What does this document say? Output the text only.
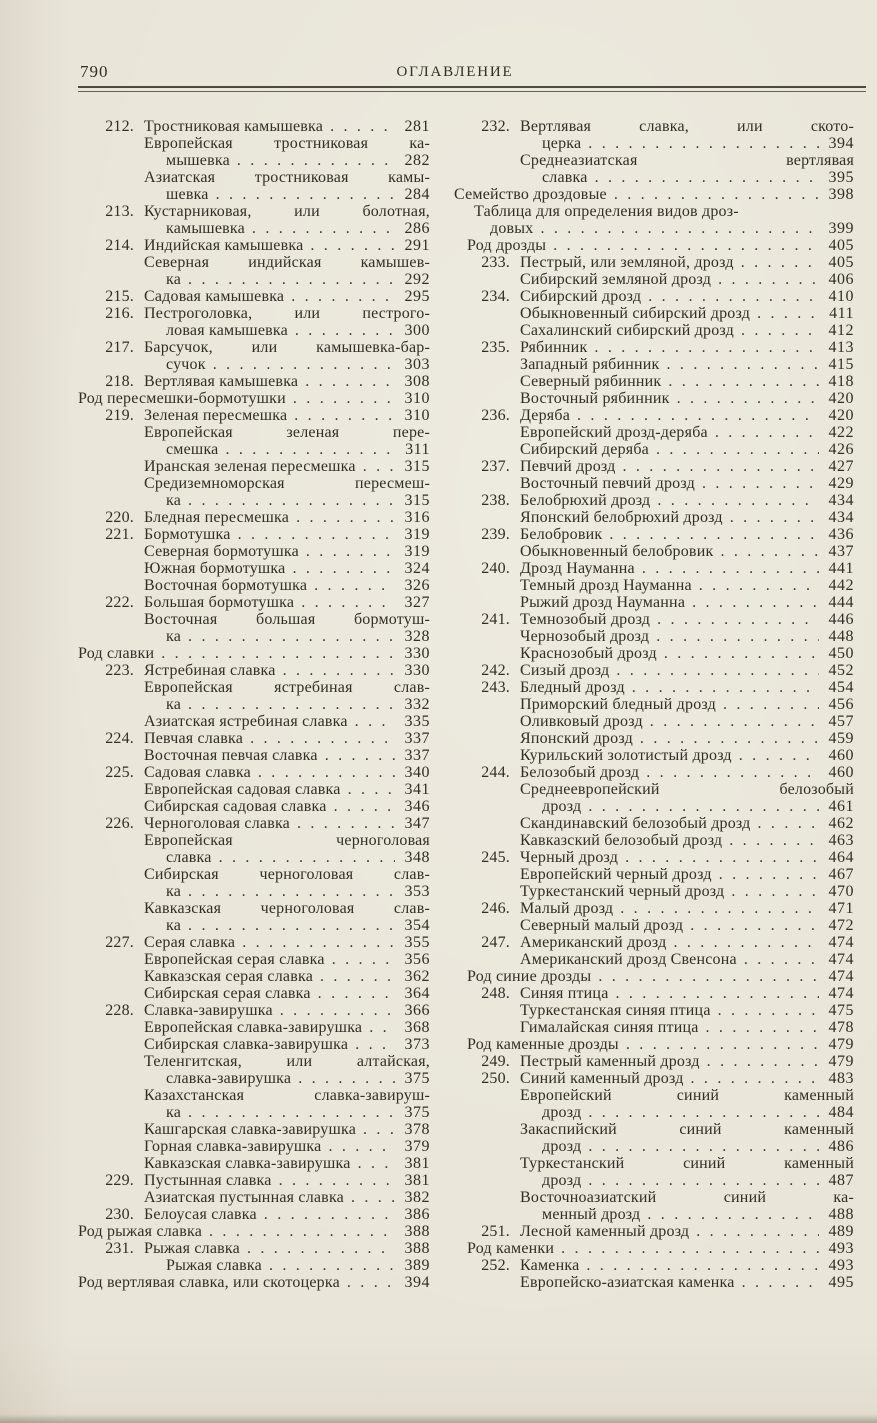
790	ОГЛАВЛЕНИЕ
212. Тростниковая камышевка . . .	281
Европейская тростниковая ка-
мышевка . . .	282
Азиатская тростниковая камы-
шевка . . .	284
213. Кустарниковая, или болотная,
камышевка . . .	286
214. Индийская камышевка . . .	291
Северная индийская камышев-
ка . . .	292
215. Садовая камышевка . . .	295
216. Пестроголовка, или пестрого-
ловая камышевка . . .	300
217. Барсучок, или камышевка-бар-
сучок . . .	303
218. Вертлявая камышевка . . .	308
Род пересмешки-бормотушки . . .	310
219. Зеленая пересмешка . . .	310
Европейская зеленая пере-
смешка . . .	311
Иранская зеленая пересмешка . . .	315
Средиземноморская пересмеш-
ка . . .	315
220. Бледная пересмешка . . .	316
221. Бормотушка . . .	319
Северная бормотушка . . .	319
Южная бормотушка . . .	324
Восточная бормотушка . . .	326
222. Большая бормотушка . . .	327
Восточная большая бормотуш-
ка . . .	328
Род славки . . .	330
223. Ястребиная славка . . .	330
Европейская ястребиная слав-
ка . . .	332
Азиатская ястребиная славка . . .	335
224. Певчая славка . . .	337
Восточная певчая славка . . .	337
225. Садовая славка . . .	340
Европейская садовая славка . . .	341
Сибирская садовая славка . . .	346
226. Черноголовая славка . . .	347
Европейская черноголовая
славка . . .	348
Сибирская черноголовая слав-
ка . . .	353
Кавказская черноголовая слав-
ка . . .	354
227. Серая славка . . .	355
Европейская серая славка . . .	356
Кавказская серая славка . . .	362
Сибирская серая славка . . .	364
228. Славка-завирушка . . .	366
Европейская славка-завирушка . . .	368
Сибирская славка-завирушка . . .	373
Теленгитская, или алтайская,
славка-завирушка . . .	375
Казахстанская славка-завируш-
ка . . .	375
Кашгарская славка-завирушка . . .	378
Горная славка-завирушка . . .	379
Кавказская славка-завирушка . . .	381
229. Пустынная славка . . .	381
Азиатская пустынная славка . . .	382
230. Белоусая славка . . .	386
Род рыжая славка . . .	388
231. Рыжая славка . . .	388
Рыжая славка . . .	389
Род вертлявая славка, или скотоцерка . . .	394
232. Вертлявая славка, или ското-
церка . . .	394
Среднеазиатская вертлявая
славка . . .	395
Семейство дроздовые . . .	398
Таблица для определения видов дроз-
довых . . .	399
Род дрозды . . .	405
233. Пестрый, или земляной, дрозд . . .	405
Сибирский земляной дрозд . . .	406
234. Сибирский дрозд . . .	410
Обыкновенный сибирский дрозд . . .	411
Сахалинский сибирский дрозд . . .	412
235. Рябинник . . .	413
Западный рябинник . . .	415
Северный рябинник . . .	418
Восточный рябинник . . .	420
236. Деряба . . .	420
Европейский дрозд-деряба . . .	422
Сибирский деряба . . .	426
237. Певчий дрозд . . .	427
Восточный певчий дрозд . . .	429
238. Белобрюхий дрозд . . .	434
Японский белобрюхий дрозд . . .	434
239. Белобровик . . .	436
Обыкновенный белобровик . . .	437
240. Дрозд Науманна . . .	441
Темный дрозд Науманна . . .	442
Рыжий дрозд Науманна . . .	444
241. Темнозобый дрозд . . .	446
Чернозобый дрозд . . .	448
Краснозобый дрозд . . .	450
242. Сизый дрозд . . .	452
243. Бледный дрозд . . .	454
Приморский бледный дрозд . . .	456
Оливковый дрозд . . .	457
Японский дрозд . . .	459
Курильский золотистый дрозд . . .	460
244. Белозобый дрозд . . .	460
Среднеевропейский белозобый
дрозд . . .	461
Скандинавский белозобый дрозд . . .	462
Кавказский белозобый дрозд . . .	463
245. Черный дрозд . . .	464
Европейский черный дрозд . . .	467
Туркестанский черный дрозд . . .	470
246. Малый дрозд . . .	471
Северный малый дрозд . . .	472
247. Американский дрозд . . .	474
Американский дрозд Свенсона . . .	474
Род синие дрозды . . .	474
248. Синяя птица . . .	474
Туркестанская синяя птица . . .	475
Гималайская синяя птица . . .	478
Род каменные дрозды . . .	479
249. Пестрый каменный дрозд . . .	479
250. Синий каменный дрозд . . .	483
Европейский синий каменный
дрозд . . .	484
Закаспийский синий каменный
дрозд . . .	486
Туркестанский синий каменный
дрозд . . .	487
Восточноазиатский синий ка-
менный дрозд . . .	488
251. Лесной каменный дрозд . . .	489
Род каменки . . .	493
252. Каменка . . .	493
Европейско-азиатская каменка . . .	495
